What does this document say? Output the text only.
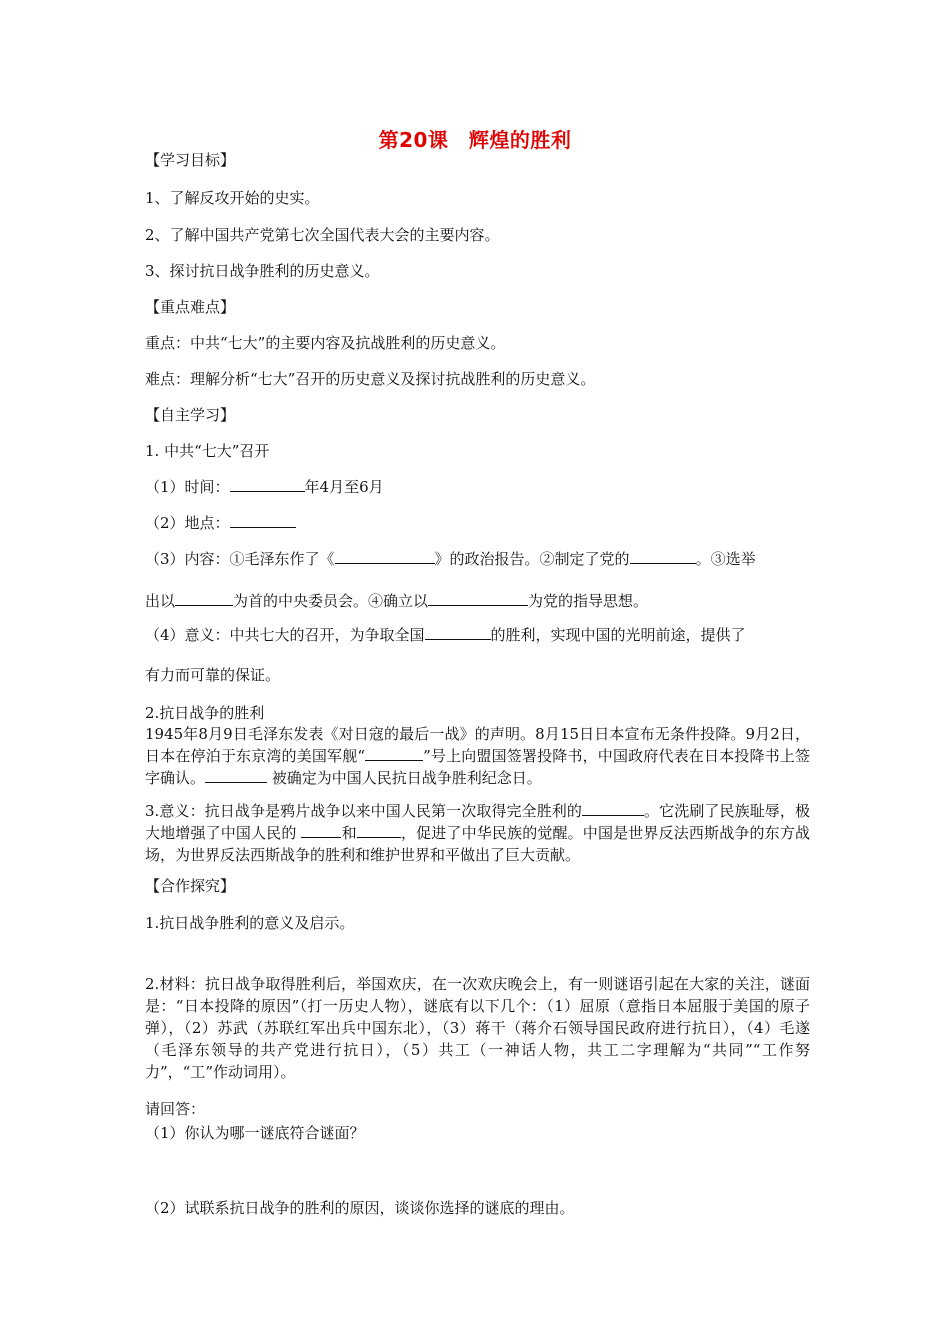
第20课　辉煌的胜利
【学习目标】
1、了解反攻开始的史实。
2、了解中国共产党第七次全国代表大会的主要内容。
3、探讨抗日战争胜利的历史意义。
【重点难点】
重点：中共“七大”的主要内容及抗战胜利的历史意义。
难点：理解分析“七大”召开的历史意义及探讨抗战胜利的历史意义。
【自主学习】
1. 中共“七大”召开
（1）时间：	年4月至6月
（2）地点：
（3）内容：①毛泽东作了《	》的政治报告。②制定了党的	。③选举
出以	为首的中央委员会。④确立以	为党的指导思想。
（4）意义：中共七大的召开，为争取全国	的胜利，实现中国的光明前途，提供了
有力而可靠的保证。
2.抗日战争的胜利
1945年8月9日毛泽东发表《对日寇的最后一战》的声明。8月15日日本宣布无条件投降。9月2日，日本在停泊于东京湾的美国军舰“	”号上向盟国签署投降书，中国政府代表在日本投降书上签字确认。	被确定为中国人民抗日战争胜利纪念日。
3.意义：抗日战争是鸦片战争以来中国人民第一次取得完全胜利的	。它洗刷了民族耻辱，极大地增强了中国人民的	和	，促进了中华民族的觉醒。中国是世界反法西斯战争的东方战场，为世界反法西斯战争的胜利和维护世界和平做出了巨大贡献。
【合作探究】
1.抗日战争胜利的意义及启示。
2.材料：抗日战争取得胜利后，举国欢庆，在一次欢庆晚会上，有一则谜语引起在大家的关注，谜面是：“日本投降的原因”（打一历史人物），谜底有以下几个：（1）屈原（意指日本屈服于美国的原子弹），（2）苏武（苏联红军出兵中国东北），（3）蒋干（蒋介石领导国民政府进行抗日），（4）毛遂（毛泽东领导的共产党进行抗日），（5）共工（一神话人物，共工二字理解为“共同”“工作努力”，“工”作动词用）。
请回答：
（1）你认为哪一谜底符合谜面？
（2）试联系抗日战争的胜利的原因，谈谈你选择的谜底的理由。
